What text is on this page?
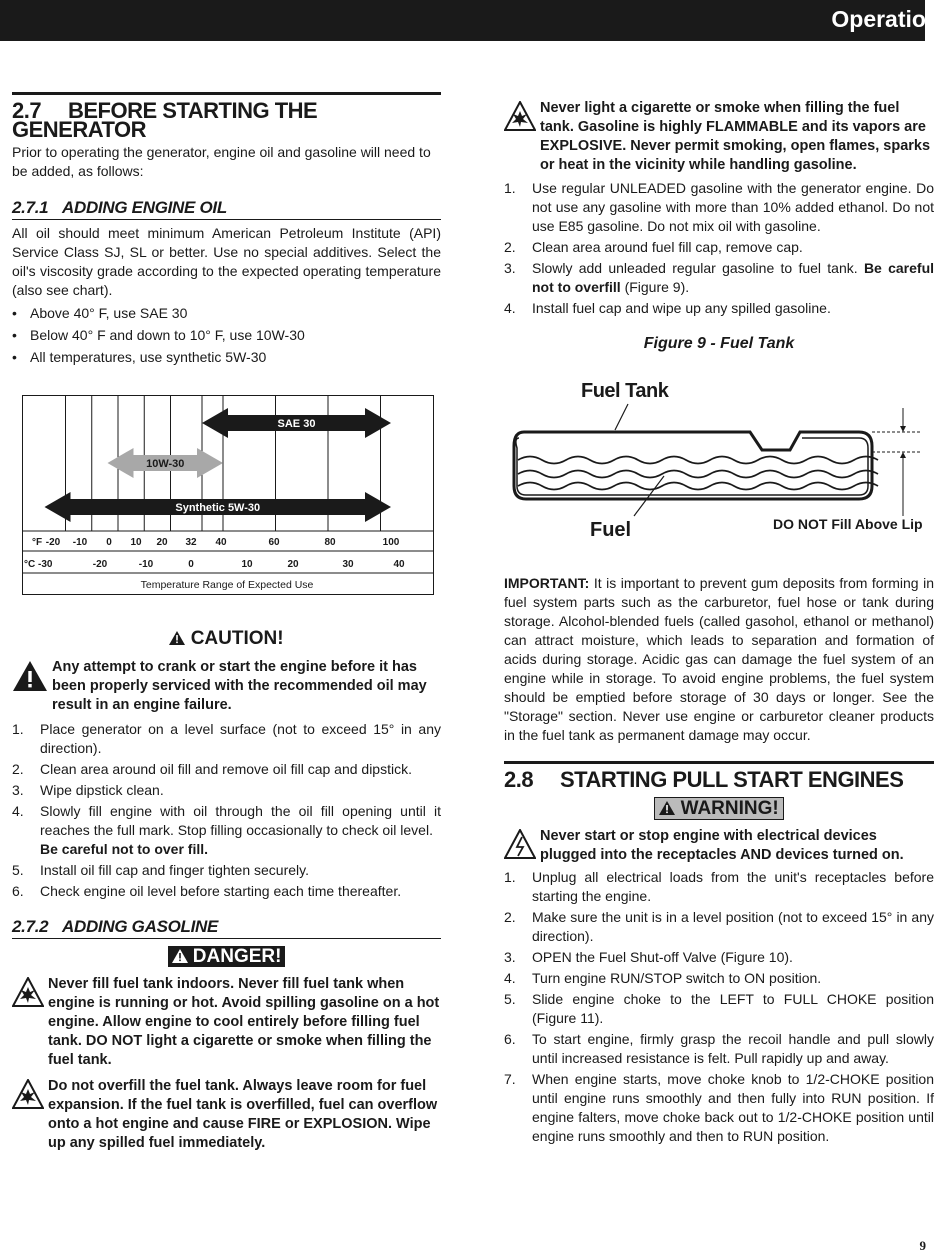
Operation
2.7 BEFORE STARTING THE GENERATOR

Prior to operating the generator, engine oil and gasoline will need to be added, as follows:

2.7.1 ADDING ENGINE OIL

All oil should meet minimum American Petroleum Institute (API) Service Class SJ, SL or better. Use no special additives. Select the oil's viscosity grade according to the expected operating temperature (also see chart).

• Above 40° F, use SAE 30
• Below 40° F and down to 10° F, use 10W-30
• All temperatures, use synthetic 5W-30
SAE 30
10W-30
Synthetic 5W-30
°F -20 -10 0 10 20 32 40	60	80	100
°C -30	-20	-10	0	10	20	30	40
Temperature Range of Expected Use
CAUTION!
Any attempt to crank or start the engine before it has been properly serviced with the recommended oil may result in an engine failure.
1. Place generator on a level surface (not to exceed 15° in any direction).
2. Clean area around oil fill and remove oil fill cap and dipstick.
3. Wipe dipstick clean.
4. Slowly fill engine with oil through the oil fill opening until it reaches the full mark. Stop filling occasionally to check oil level.
Be careful not to over fill.
5. Install oil fill cap and finger tighten securely.
6. Check engine oil level before starting each time thereafter.
2.7.2 ADDING GASOLINE
DANGER!
Never fill fuel tank indoors. Never fill fuel tank when engine is running or hot. Avoid spilling gasoline on a hot engine. Allow engine to cool entirely before filling fuel tank. DO NOT light a cigarette or smoke when filling the fuel tank.
Do not overfill the fuel tank. Always leave room for fuel expansion. If the fuel tank is overfilled, fuel can overflow onto a hot engine and cause FIRE or EXPLOSION. Wipe up any spilled fuel immediately.
Never light a cigarette or smoke when filling the fuel tank. Gasoline is highly FLAMMABLE and its vapors are EXPLOSIVE. Never permit smoking, open flames, sparks or heat in the vicinity while handling gasoline.
1. Use regular UNLEADED gasoline with the generator engine. Do not use any gasoline with more than 10% added ethanol. Do not use E85 gasoline. Do not mix oil with gasoline.
2. Clean area around fuel fill cap, remove cap.
3. Slowly add unleaded regular gasoline to fuel tank. Be careful not to overfill (Figure 9).
4. Install fuel cap and wipe up any spilled gasoline.
Figure 9 - Fuel Tank
Fuel Tank
Fuel	DO NOT Fill Above Lip

IMPORTANT: It is important to prevent gum deposits from forming in fuel system parts such as the carburetor, fuel hose or tank during storage. Alcohol-blended fuels (called gasohol, ethanol or methanol) can attract moisture, which leads to separation and formation of acids during storage. Acidic gas can damage the fuel system of an engine while in storage. To avoid engine problems, the fuel system should be emptied before storage of 30 days or longer. See the "Storage" section. Never use engine or carburetor cleaner products in the fuel tank as permanent damage may occur.

2.8 STARTING PULL START ENGINES
WARNING!
Never start or stop engine with electrical devices plugged into the receptacles AND devices turned on.
1. Unplug all electrical loads from the unit's receptacles before starting the engine.
2. Make sure the unit is in a level position (not to exceed 15° in any direction).
3. OPEN the Fuel Shut-off Valve (Figure 10).
4. Turn engine RUN/STOP switch to ON position.
5. Slide engine choke to the LEFT to FULL CHOKE position (Figure 11).
6. To start engine, firmly grasp the recoil handle and pull slowly until increased resistance is felt. Pull rapidly up and away.
7. When engine starts, move choke knob to 1/2-CHOKE position until engine runs smoothly and then fully into RUN position. If engine falters, move choke back out to 1/2-CHOKE position until engine runs smoothly and then to RUN position.
9
